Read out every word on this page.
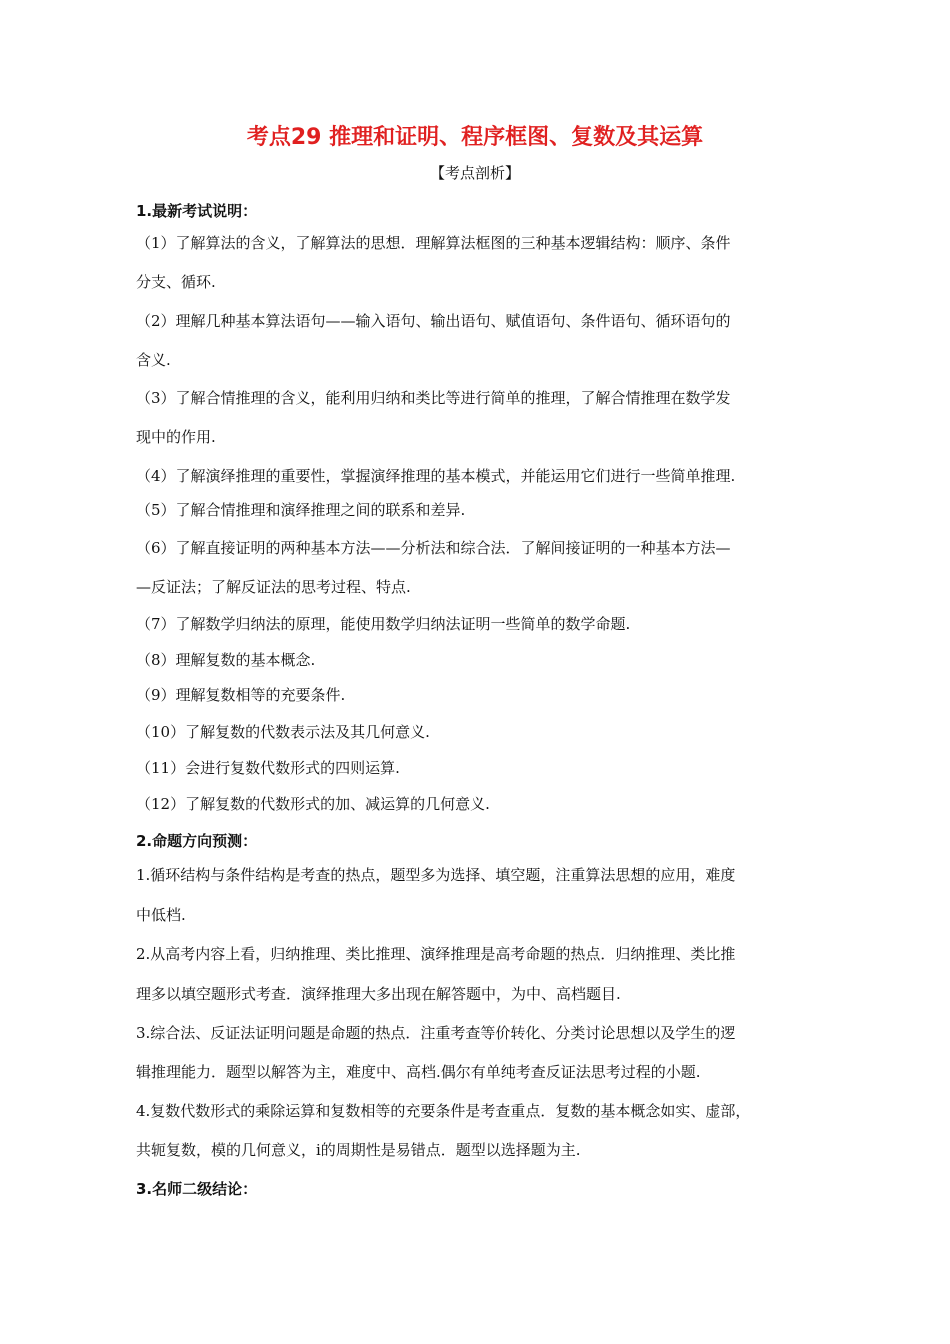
考点29 推理和证明、程序框图、复数及其运算
【考点剖析】
1.最新考试说明：
（1）了解算法的含义，了解算法的思想．理解算法框图的三种基本逻辑结构：顺序、条件
分支、循环.
（2）理解几种基本算法语句——输入语句、输出语句、赋值语句、条件语句、循环语句的
含义.
（3）了解合情推理的含义，能利用归纳和类比等进行简单的推理，了解合情推理在数学发
现中的作用.
（4）了解演绎推理的重要性，掌握演绎推理的基本模式，并能运用它们进行一些简单推理.
（5）了解合情推理和演绎推理之间的联系和差异.
（6）了解直接证明的两种基本方法——分析法和综合法．了解间接证明的一种基本方法—
—反证法；了解反证法的思考过程、特点.
（7）了解数学归纳法的原理，能使用数学归纳法证明一些简单的数学命题.
（8）理解复数的基本概念.
（9）理解复数相等的充要条件.
（10）了解复数的代数表示法及其几何意义.
（11）会进行复数代数形式的四则运算.
（12）了解复数的代数形式的加、减运算的几何意义.
2.命题方向预测：
1.循环结构与条件结构是考查的热点，题型多为选择、填空题，注重算法思想的应用，难度
中低档.
2.从高考内容上看，归纳推理、类比推理、演绎推理是高考命题的热点．归纳推理、类比推
理多以填空题形式考查．演绎推理大多出现在解答题中，为中、高档题目.
3.综合法、反证法证明问题是命题的热点．注重考查等价转化、分类讨论思想以及学生的逻
辑推理能力．题型以解答为主，难度中、高档.偶尔有单纯考查反证法思考过程的小题.
4.复数代数形式的乘除运算和复数相等的充要条件是考查重点．复数的基本概念如实、虚部，
共轭复数，模的几何意义，i的周期性是易错点．题型以选择题为主.
3.名师二级结论：
